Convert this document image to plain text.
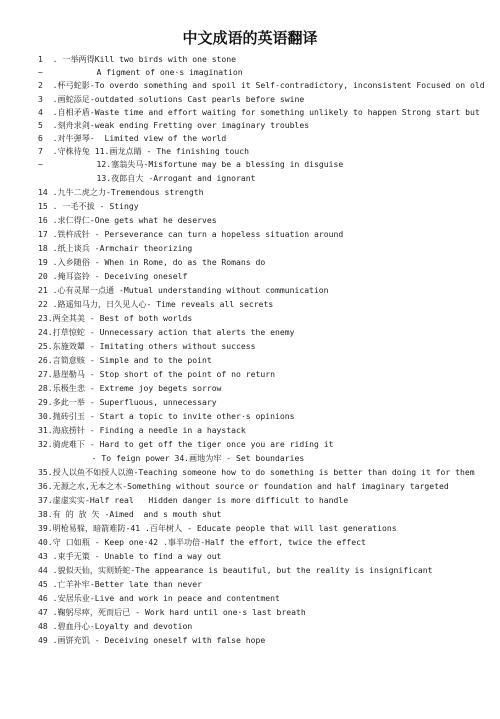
中文成语的英语翻译
1  . 一举两得Kill two birds with one stone
~           A figment of one·s imagination
2  .杯弓蛇影-To overdo something and spoil it Self-contradictory, inconsistent Focused on old
3  .画蛇添足-outdated solutions Cast pearls before swine
4  .自相矛盾-Waste time and effort waiting for something unlikely to happen Strong start but
5  .刻舟求剑-weak ending Fretting over imaginary troubles
6  .对牛弹琴-  Limited view of the world
7  .守株待兔 11.画龙点睛 - The finishing touch
~           12.塞翁失马-Misfortune may be a blessing in disguise
13.夜郎自大 -Arrogant and ignorant
14 .九牛二虎之力-Tremendous strength
15 . 一毛不拔 - Stingy
16 .求仁得仁-One gets what he deserves
17 .铁杵成针 - Perseverance can turn a hopeless situation around
18 .纸上谈兵 -Armchair theorizing
19 .入乡随俗 - When in Rome, do as the Romans do
20 .掩耳盗铃 - Deceiving oneself
21 .心有灵犀一点通 -Mutual understanding without communication
22 .路遥知马力，日久见人心- Time reveals all secrets
23.两全其美 - Best of both worlds
24.打草惊蛇 - Unnecessary action that alerts the enemy
25.东施效颦 - Imitating others without success
26.言简意赅 - Simple and to the point
27.悬崖勒马 - Stop short of the point of no return
28.乐极生悲 - Extreme joy begets sorrow
29.多此一举 - Superfluous, unnecessary
30.抛砖引玉 - Start a topic to invite other·s opinions
31.海底捞针 - Finding a needle in a haystack
32.骑虎难下 - Hard to get off the tiger once you are riding it
- To feign power 34.画地为牢 - Set boundaries
35.授人以鱼不如授人以渔-Teaching someone how to do something is better than doing it for them
36.无源之水,无本之木-Something without source or foundation and half imaginary targeted
37.虚虚实实-Half real   Hidden danger is more difficult to handle
38.有 的 放 矢 -Aimed  and s mouth shut
39.明枪易躲，暗箭难防-41 .百年树人 - Educate people that will last generations
40.守 口如瓶 - Keep one·42 .事半功倍-Half the effort, twice the effect
43 .束手无策 - Unable to find a way out
44 .貌似天仙，实则娇蛇-The appearance is beautiful, but the reality is insignificant
45 .亡羊补牢-Better late than never
46 .安居乐业-Live and work in peace and contentment
47 .鞠躬尽瘁，死而后已 - Work hard until one·s last breath
48 .碧血丹心-Loyalty and devotion
49 .画饼充饥 - Deceiving oneself with false hope
